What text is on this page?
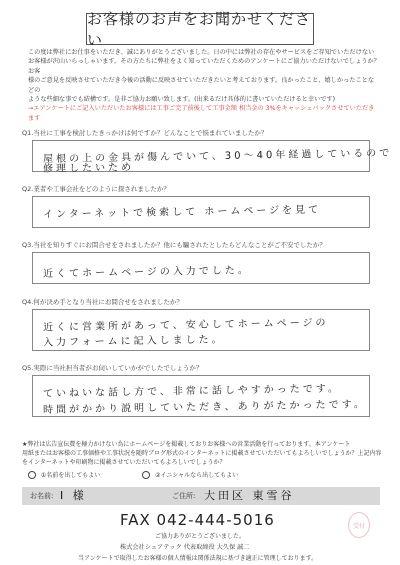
お客様のお声をお聞かせください

この度は弊社にお仕事をいただき、誠にありがとうございました。日の中には弊社の存在やサービスをご存知でいただけない

お客様が沢山いらっしゃいます。その方たちに弊社をよく知っていただくためのアンケートにご協力いただけないでしょうか？お客

様のご意見を反映させていただき今後の活動に反映させていただきたいと考えております。良かったこと、嬉しかったことなどの

ような些細な事でも結構です。是非ご協力お願い致します。(出来るだけ具体的に書いていただけると幸いです)

→エアンケートにご記入いただいたお客様には工事ご完了前後して工事金額 相当金の 3%をキャッシュバックさせていただきます

Q1.当社に工事を検討したきっかけは何ですか？どんなことで悩まれていましたか？
屋根の上の金具が傷んでいて、30〜40年経過しているので
修理したいため
Q2.業者や工事会社をどのように探されましたか？
インターネットで検索して ホームページを見て
Q3.当社を知りすぐにお問合せをされましたか？他にも騙されたとしたらどんなことがご不安でしたか？
近くてホームページの入力でした。
Q4.何が決め手となり当社にお問合せをされましたか？
近くに営業所があって、安心してホームページの
入力フォームに記入しました。
Q5.実際に当社担当者がお伺いしていかがでしたでしょうか？
ていねいな話し方で、非常に話しやすかったです。
時間がかかり説明していただき、ありがたかったです。

★弊社は広告宣伝費を極力かけない為にホームページを掲載しておりお客様への営業活動を行っております。本アンケート

用紙またはお客様の工事価格や工事状況を随時ブログ形式のインターネットに掲載させていただいてもよろしいでしょうか？上記内容

をインターネットや印刷物に掲載させていただいてもよろしいでしょうか？

①名前を出してもよい	②イニシャルなら出してもよい

お名前: I 様	ご住所: 大田区 東雪谷
FAX 042-444-5016	受付
ご協力ありがとうございました。
株式会社シェアテック 代表取締役 大久保 誠二
当アンケートで取得したお客様の個人情報は関係法規に基づき適正に管理しております。
